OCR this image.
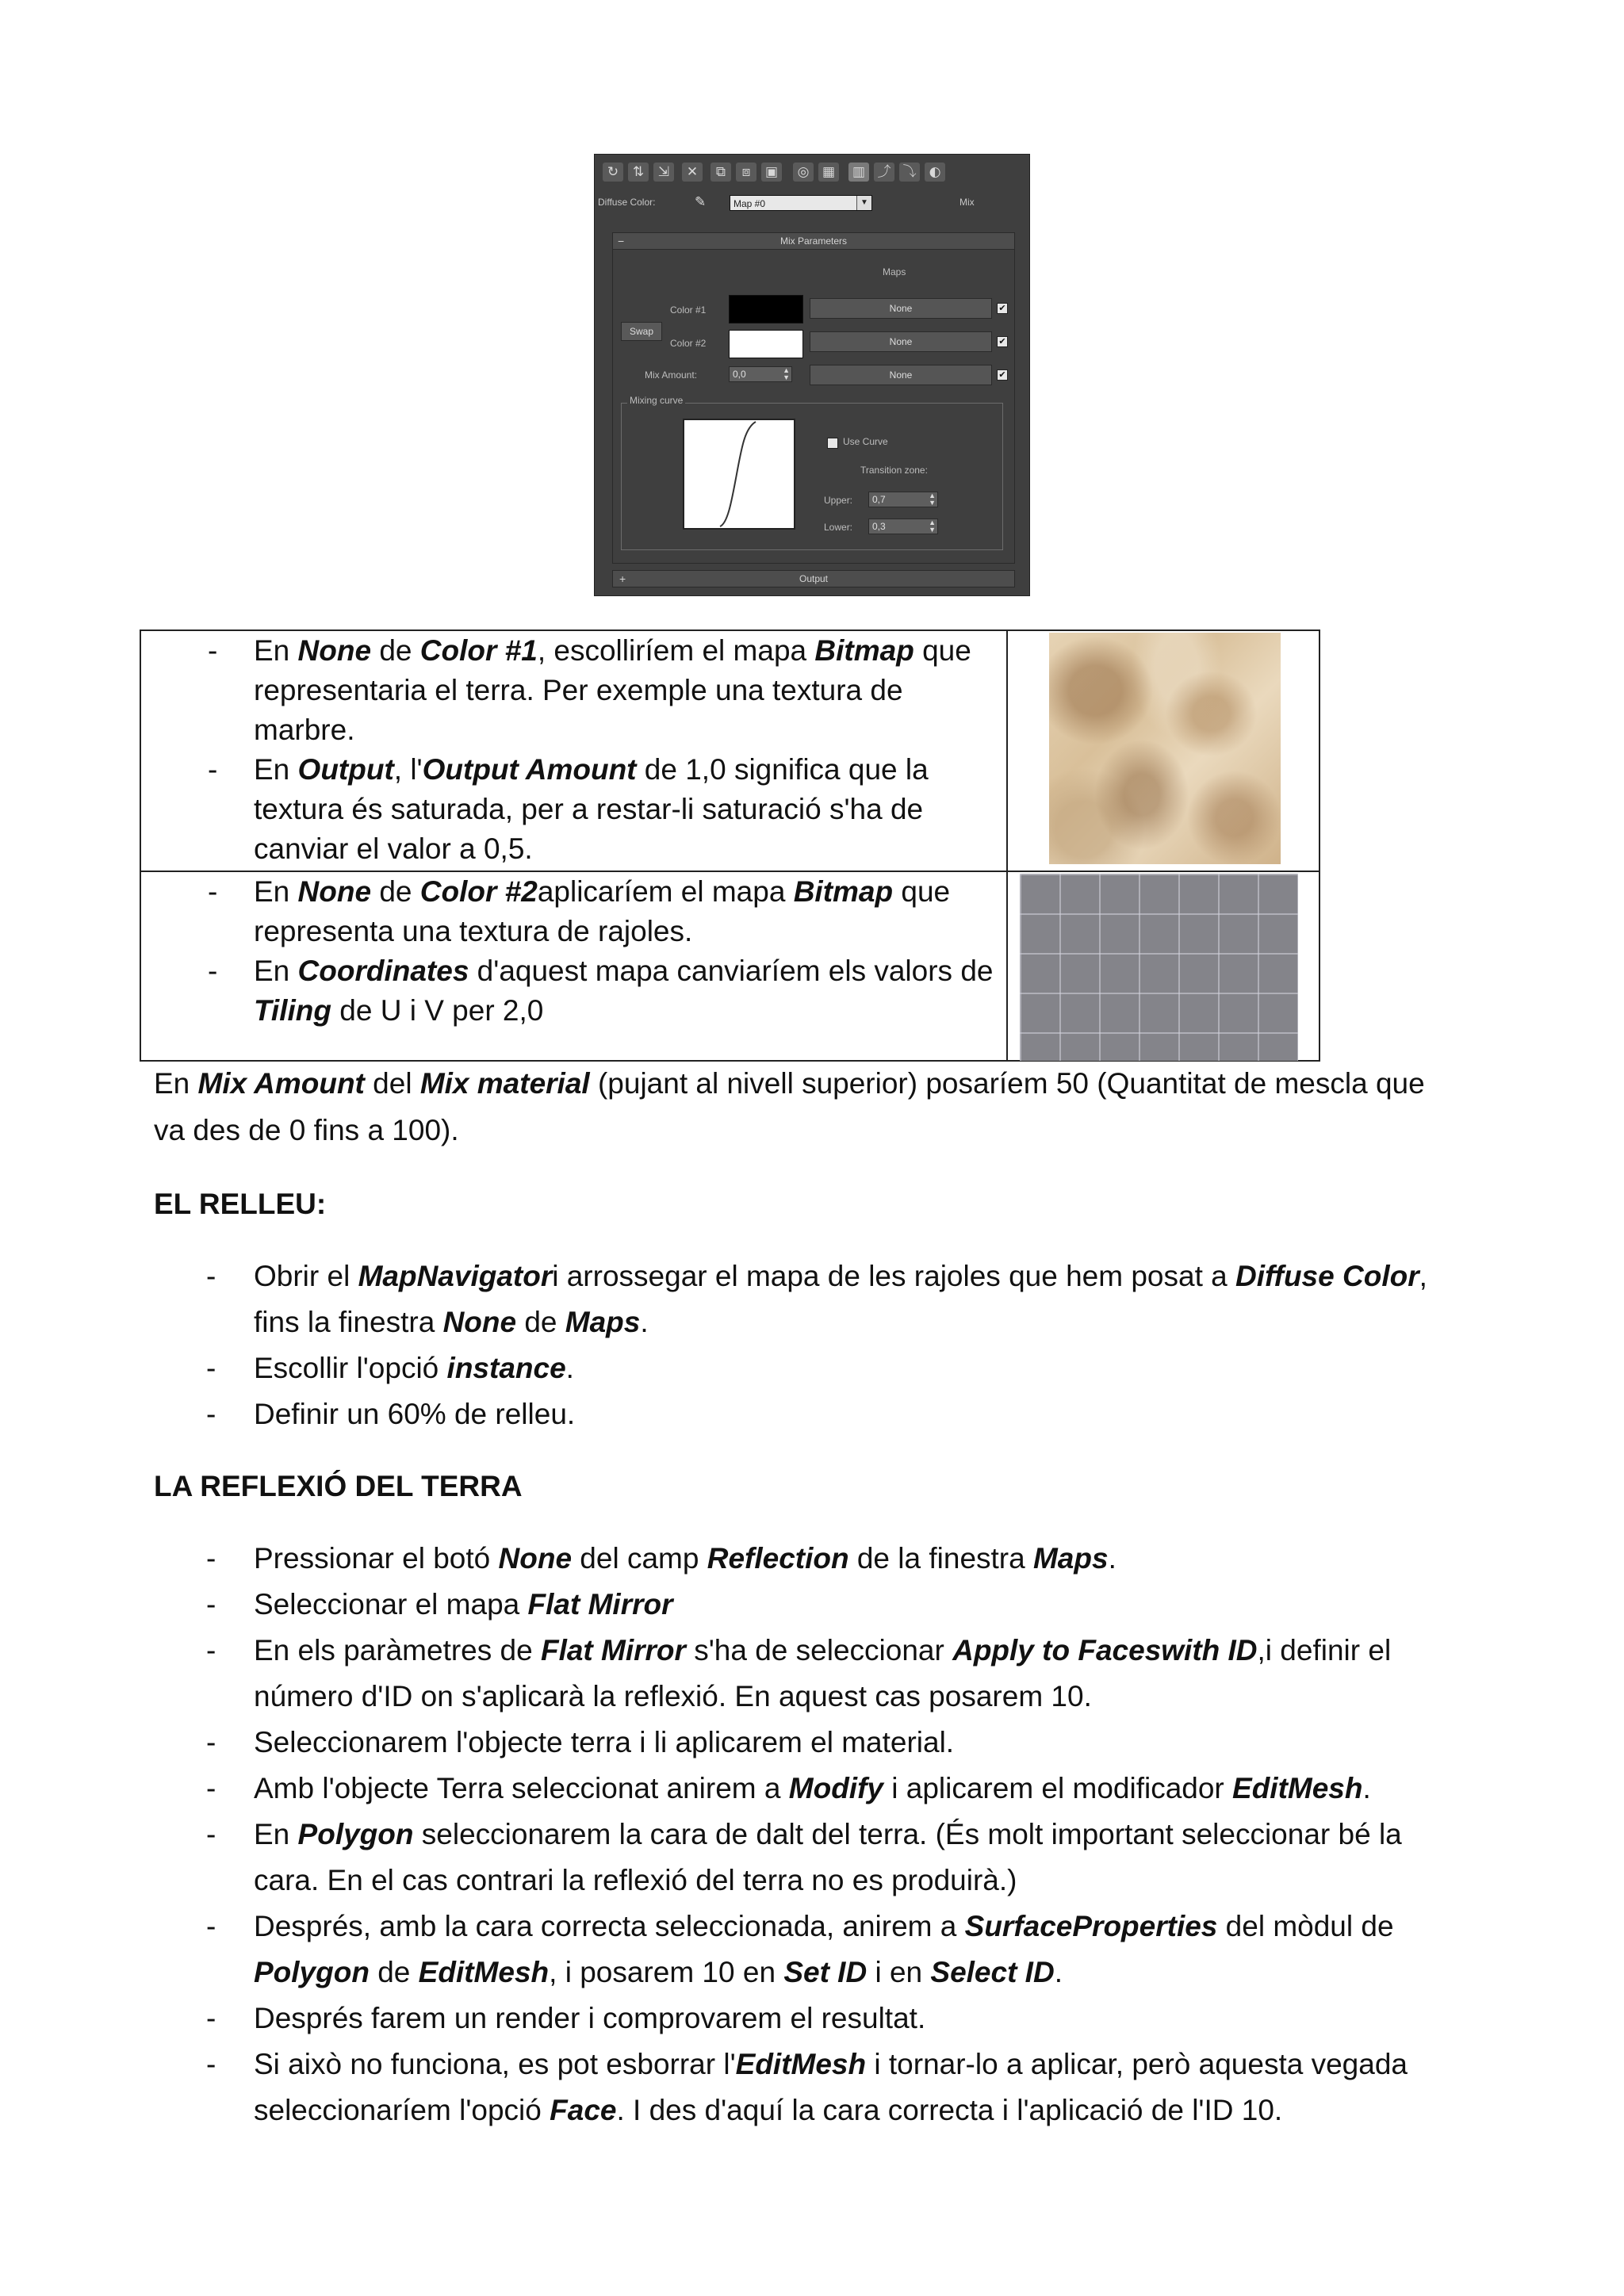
↻	⇅	⇲	✕	⧉	⧈	▣	◎ ▦ ▥ ⤴ ⤵ ◐
Diffuse Color:	✎	Map #0	▼	Mix
−	Mix Parameters
Maps
Swap
Color #1	None	✔
Color #2	None	✔
Mix Amount:	0,0	▲
▼	None	✔
Mixing curve
Use Curve
Transition zone:
Upper:	0,7	▲
▼
Lower:	0,3	▲
▼
+	Output
- En None de Color #1, escolliríem el mapa Bitmap que
representaria el terra. Per exemple una textura de
marbre.
- En Output, l'Output Amount de 1,0 significa que la
textura és saturada, per a restar-li saturació s'ha de
canviar el valor a 0,5.
- En None de Color #2aplicaríem el mapa Bitmap que
representa una textura de rajoles.
- En Coordinates d'aquest mapa canviaríem els valors de
Tiling de U i V per 2,0
En Mix Amount del Mix material (pujant al nivell superior) posaríem 50 (Quantitat de mescla que
va des de 0 fins a 100).
EL RELLEU:
- Obrir el MapNavigatori arrossegar el mapa de les rajoles que hem posat a Diffuse Color,
fins la finestra None de Maps.
- Escollir l'opció instance.
- Definir un 60% de relleu.
LA REFLEXIÓ DEL TERRA
- Pressionar el botó None del camp Reflection de la finestra Maps.
- Seleccionar el mapa Flat Mirror
- En els paràmetres de Flat Mirror s'ha de seleccionar Apply to Faceswith ID,i definir el
número d'ID on s'aplicarà la reflexió. En aquest cas posarem 10.
- Seleccionarem l'objecte terra i li aplicarem el material.
- Amb l'objecte Terra seleccionat anirem a Modify i aplicarem el modificador EditMesh.
- En Polygon seleccionarem la cara de dalt del terra. (És molt important seleccionar bé la
cara. En el cas contrari la reflexió del terra no es produirà.)
- Després, amb la cara correcta seleccionada, anirem a SurfaceProperties del mòdul de
Polygon de EditMesh, i posarem 10 en Set ID i en Select ID.
- Després farem un render i comprovarem el resultat.
- Si això no funciona, es pot esborrar l'EditMesh i tornar-lo a aplicar, però aquesta vegada
seleccionaríem l'opció Face. I des d'aquí la cara correcta i l'aplicació de l'ID 10.
